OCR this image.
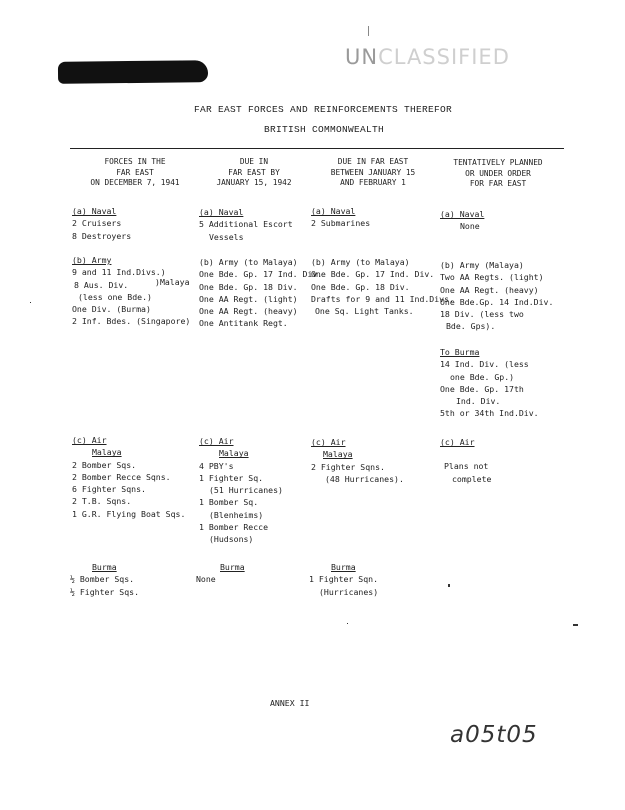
UNCLASSIFIED
FAR EAST FORCES AND REINFORCEMENTS THEREFOR
BRITISH COMMONWEALTH
FORCES IN THE
FAR EAST
ON DECEMBER 7, 1941
DUE IN
FAR EAST BY
JANUARY 15, 1942
DUE IN FAR EAST
BETWEEN JANUARY 15
AND FEBRUARY 1
TENTATIVELY PLANNED
OR UNDER ORDER
FOR FAR EAST
(a) Naval
2 Cruisers
8 Destroyers
(a) Naval
5 Additional Escort
Vessels
(a) Naval
2 Submarines
(a) Naval
None
(b) Army
9 and 11 Ind.Divs.)
8 Aus. Div.
(less one Bde.)
One Div. (Burma)
2 Inf. Bdes. (Singapore)
)Malaya
(b) Army (to Malaya)
One Bde. Gp. 17 Ind. Div.
One Bde. Gp. 18 Div.
One AA Regt. (light)
One AA Regt. (heavy)
One Antitank Regt.
(b) Army (to Malaya)
One Bde. Gp. 17 Ind. Div.
One Bde. Gp. 18 Div.
Drafts for 9 and 11 Ind.Divs.
One Sq. Light Tanks.
(b) Army (Malaya)
Two AA Regts. (light)
One AA Regt. (heavy)
One Bde.Gp. 14 Ind.Div.
18 Div. (less two
Bde. Gps).
To Burma
14 Ind. Div. (less
one Bde. Gp.)
One Bde. Gp. 17th
Ind. Div.
5th or 34th Ind.Div.
(c) Air
Malaya
2 Bomber Sqs.
2 Bomber Recce Sqns.
6 Fighter Sqns.
2 T.B. Sqns.
1 G.R. Flying Boat Sqs.
(c) Air
Malaya
4 PBY's
1 Fighter Sq.
(51 Hurricanes)
1 Bomber Sq.
(Blenheims)
1 Bomber Recce
(Hudsons)
(c) Air
Malaya
2 Fighter Sqns.
(48 Hurricanes).
(c) Air
Plans not
complete
Burma
½ Bomber Sqs.
½ Fighter Sqs.
Burma
None
Burma
1 Fighter Sqn.
(Hurricanes)
ANNEX II
a05t05
